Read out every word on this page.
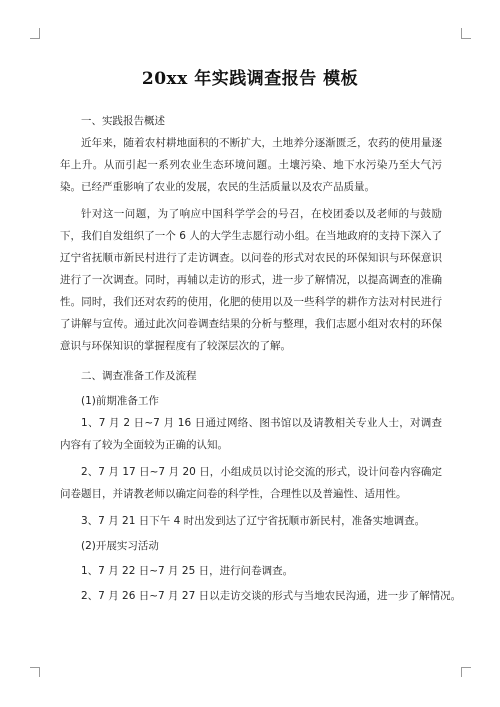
20xx 年实践调查报告 模板

一、实践报告概述

近年来，随着农村耕地面积的不断扩大，土地养分逐渐匮乏，农药的使用量逐年上升。从而引起一系列农业生态环境问题。土壤污染、地下水污染乃至大气污染。已经严重影响了农业的发展，农民的生活质量以及农产品质量。

针对这一问题，为了响应中国科学学会的号召，在校团委以及老师的与鼓励下，我们自发组织了一个 6 人的大学生志愿行动小组。在当地政府的支持下深入了辽宁省抚顺市新民村进行了走访调查。以问卷的形式对农民的环保知识与环保意识进行了一次调查。同时，再辅以走访的形式，进一步了解情况，以提高调查的准确性。同时，我们还对农药的使用，化肥的使用以及一些科学的耕作方法对村民进行了讲解与宣传。通过此次问卷调查结果的分析与整理，我们志愿小组对农村的环保意识与环保知识的掌握程度有了较深层次的了解。

二、调查准备工作及流程

(1)前期准备工作

1、7 月 2 日~7 月 16 日通过网络、图书馆以及请教相关专业人士，对调查内容有了较为全面较为正确的认知。

2、7 月 17 日~7 月 20 日，小组成员以讨论交流的形式，设计问卷内容确定问卷题目，并请教老师以确定问卷的科学性，合理性以及普遍性、适用性。

3、7 月 21 日下午 4 时出发到达了辽宁省抚顺市新民村，准备实地调查。

(2)开展实习活动

1、7 月 22 日~7 月 25 日，进行问卷调查。

2、7 月 26 日~7 月 27 日以走访交谈的形式与当地农民沟通，进一步了解情况。
